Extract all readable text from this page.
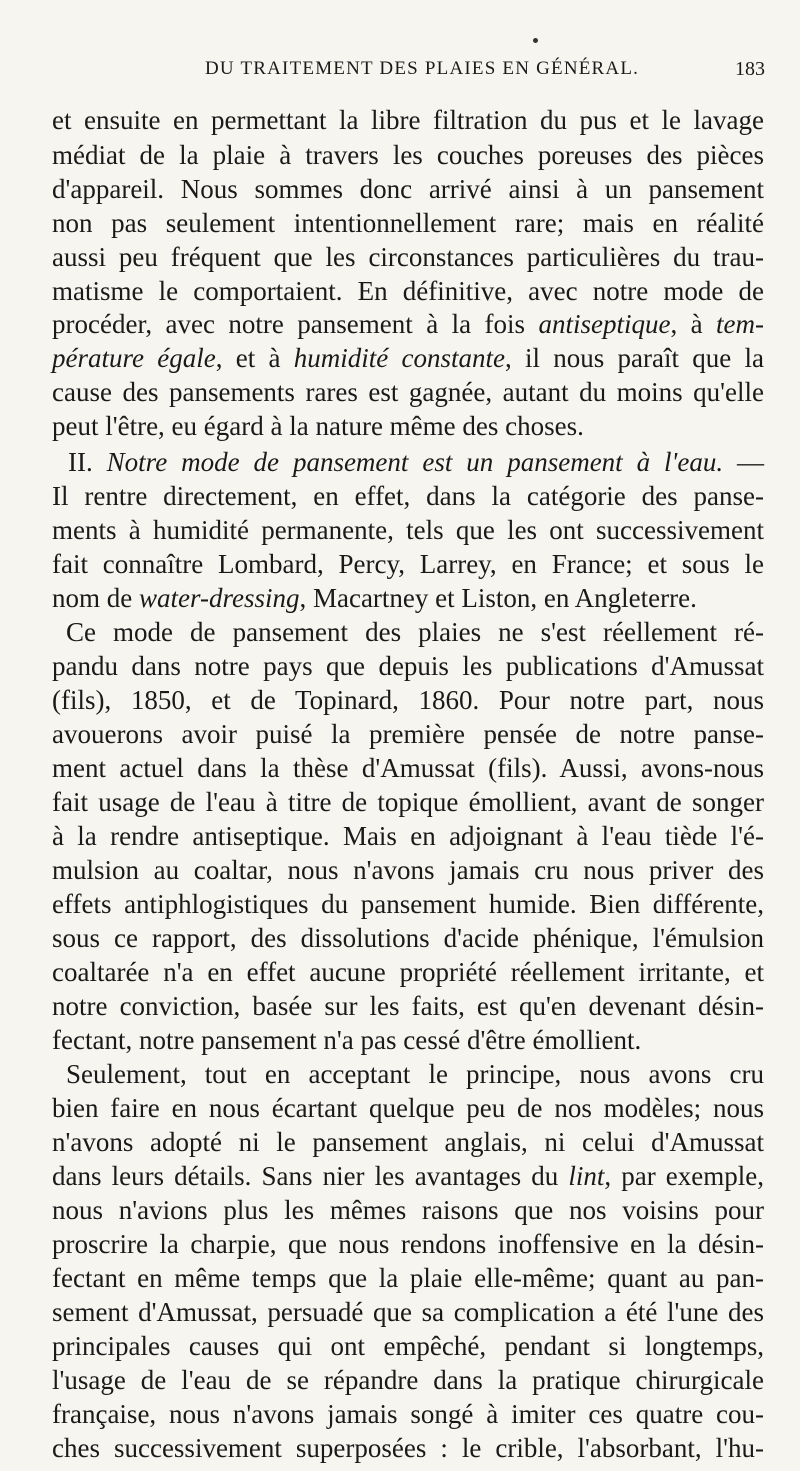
DU TRAITEMENT DES PLAIES EN GÉNÉRAL.	183
et ensuite en permettant la libre filtration du pus et le lavage
médiat de la plaie à travers les couches poreuses des pièces
d'appareil. Nous sommes donc arrivé ainsi à un pansement
non pas seulement intentionnellement rare; mais en réalité
aussi peu fréquent que les circonstances particulières du trau-
matisme le comportaient. En définitive, avec notre mode de
procéder, avec notre pansement à la fois antiseptique, à tem-
pérature égale, et à humidité constante, il nous paraît que la
cause des pansements rares est gagnée, autant du moins qu'elle
peut l'être, eu égard à la nature même des choses.
II. Notre mode de pansement est un pansement à l'eau. —
Il rentre directement, en effet, dans la catégorie des panse-
ments à humidité permanente, tels que les ont successivement
fait connaître Lombard, Percy, Larrey, en France; et sous le
nom de water-dressing, Macartney et Liston, en Angleterre.
Ce mode de pansement des plaies ne s'est réellement ré-
pandu dans notre pays que depuis les publications d'Amussat
(fils), 1850, et de Topinard, 1860. Pour notre part, nous
avouerons avoir puisé la première pensée de notre panse-
ment actuel dans la thèse d'Amussat (fils). Aussi, avons-nous
fait usage de l'eau à titre de topique émollient, avant de songer
à la rendre antiseptique. Mais en adjoignant à l'eau tiède l'é-
mulsion au coaltar, nous n'avons jamais cru nous priver des
effets antiphlogistiques du pansement humide. Bien différente,
sous ce rapport, des dissolutions d'acide phénique, l'émulsion
coaltarée n'a en effet aucune propriété réellement irritante, et
notre conviction, basée sur les faits, est qu'en devenant désin-
fectant, notre pansement n'a pas cessé d'être émollient.
Seulement, tout en acceptant le principe, nous avons cru
bien faire en nous écartant quelque peu de nos modèles; nous
n'avons adopté ni le pansement anglais, ni celui d'Amussat
dans leurs détails. Sans nier les avantages du lint, par exemple,
nous n'avions plus les mêmes raisons que nos voisins pour
proscrire la charpie, que nous rendons inoffensive en la désin-
fectant en même temps que la plaie elle-même; quant au pan-
sement d'Amussat, persuadé que sa complication a été l'une des
principales causes qui ont empêché, pendant si longtemps,
l'usage de l'eau de se répandre dans la pratique chirurgicale
française, nous n'avons jamais songé à imiter ces quatre cou-
ches successivement superposées : le crible, l'absorbant, l'hu-
